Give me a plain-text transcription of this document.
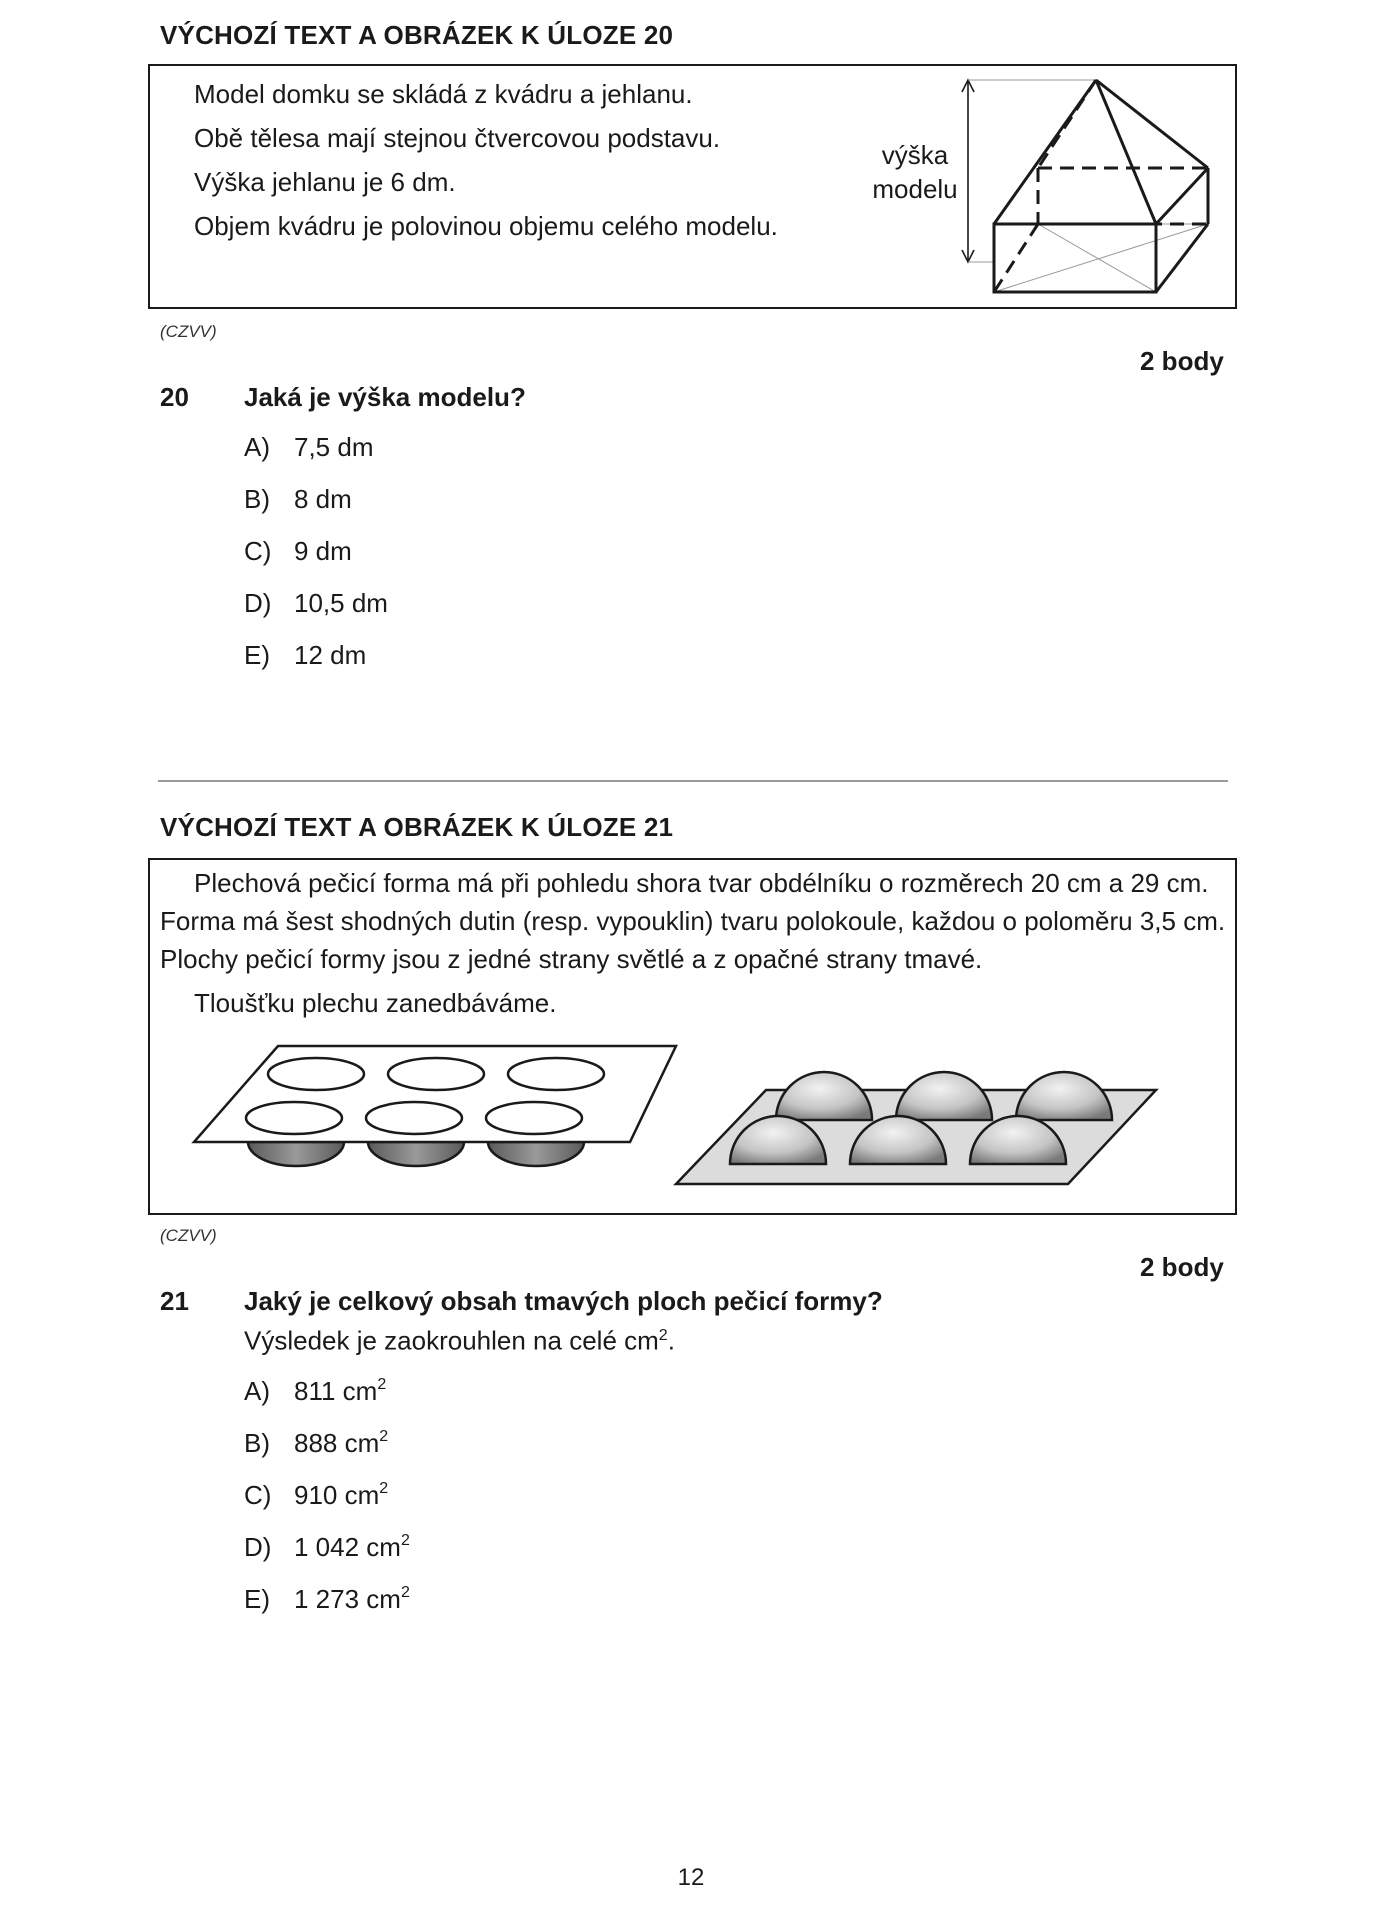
VÝCHOZÍ TEXT A OBRÁZEK K ÚLOZE 20
Model domku se skládá z kvádru a jehlanu.
Obě tělesa mají stejnou čtvercovou podstavu.
Výška jehlanu je 6 dm.
Objem kvádru je polovinou objemu celého modelu.
výška
modelu
(CZVV)
2 body
20 Jaká je výška modelu?
A) 7,5 dm
B) 8 dm
C) 9 dm
D) 10,5 dm
E) 12 dm
VÝCHOZÍ TEXT A OBRÁZEK K ÚLOZE 21
Plechová pečicí forma má při pohledu shora tvar obdélníku o rozměrech 20 cm a 29 cm.
Forma má šest shodných dutin (resp. vypouklin) tvaru polokoule, každou o poloměru 3,5 cm.
Plochy pečicí formy jsou z jedné strany světlé a z opačné strany tmavé.
Tloušťku plechu zanedbáváme.
(CZVV)
2 body
21 Jaký je celkový obsah tmavých ploch pečicí formy?
Výsledek je zaokrouhlen na celé $cm^2$.
A) 811 cm 2
B) 888 cm 2
C) 910 cm 2
D) 1 042 cm 2
E) 1 273 cm 2
12
